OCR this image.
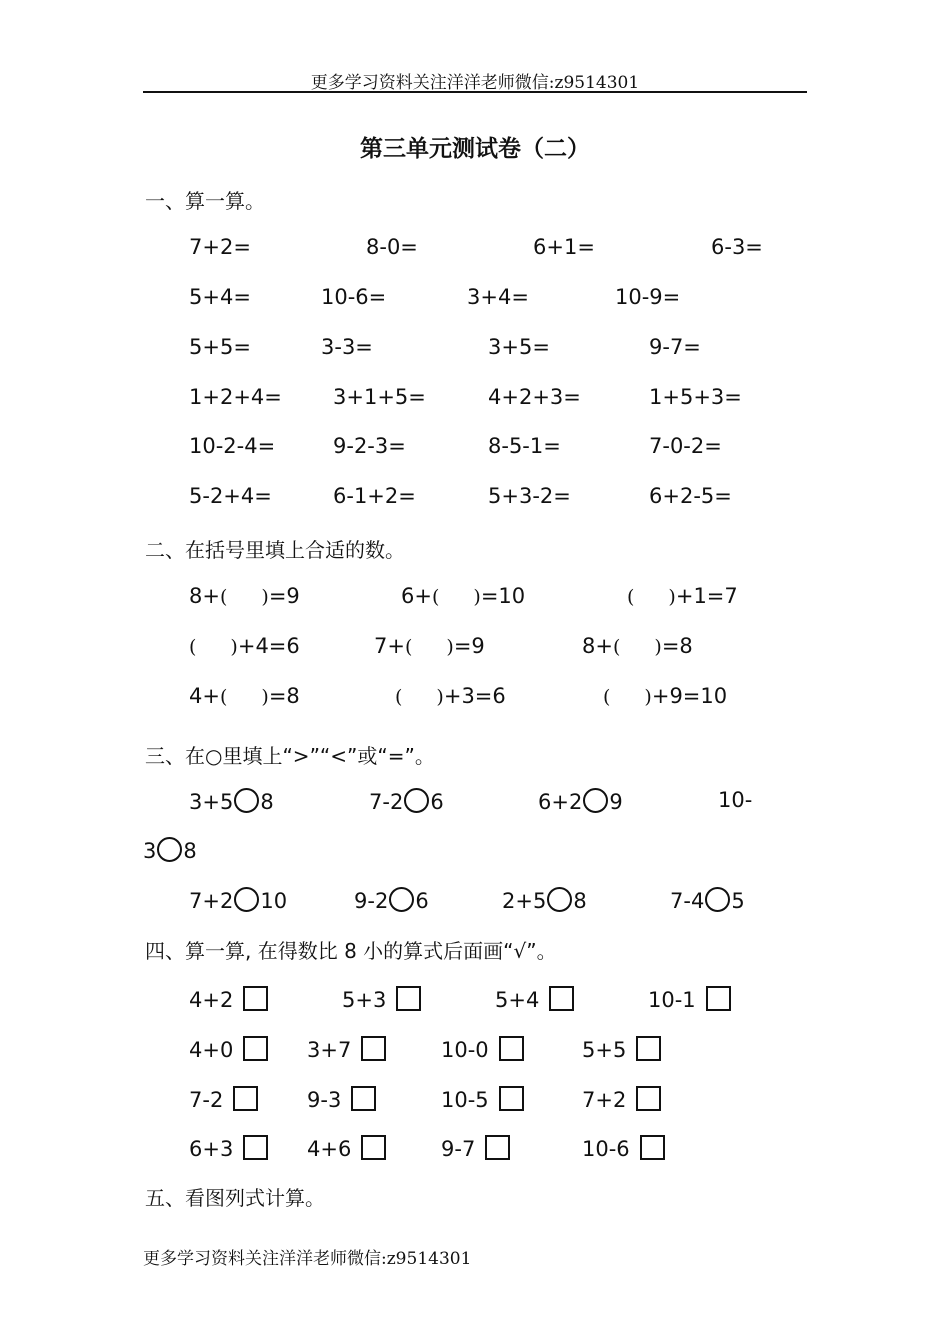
更多学习资料关注洋洋老师微信:z9514301
第三单元测试卷（二）
一、算一算。
7+2=	8-0=	6+1=	6-3=
5+4=	10-6=	3+4=	10-9=
5+5=	3-3=	3+5=	9-7=
1+2+4= 3+1+5=	4+2+3=	1+5+3=
10-2-4=	9-2-3=	8-5-1=	7-0-2=
5-2+4=	6-1+2=	5+3-2=	6+2-5=
二、在括号里填上合适的数。
8+( )=9	6+( )=10	( )+1=7
( )+4=6	7+( )=9	8+( )=8
4+( )=8	( )+3=6	( )+9=10
三、在○里填上“>”“<”或“=”。
3+5 8	7-2 6	6+2 9	10-
3 8
7+2 10	9-2 6	2+5 8	7-4 5
四、算一算, 在得数比 8 小的算式后面画“√”。
4+2	5+3	5+4	10-1
4+0	3+7	10-0	5+5
7-2	9-3	10-5	7+2
6+3	4+6	9-7	10-6
五、看图列式计算。
更多学习资料关注洋洋老师微信:z9514301
